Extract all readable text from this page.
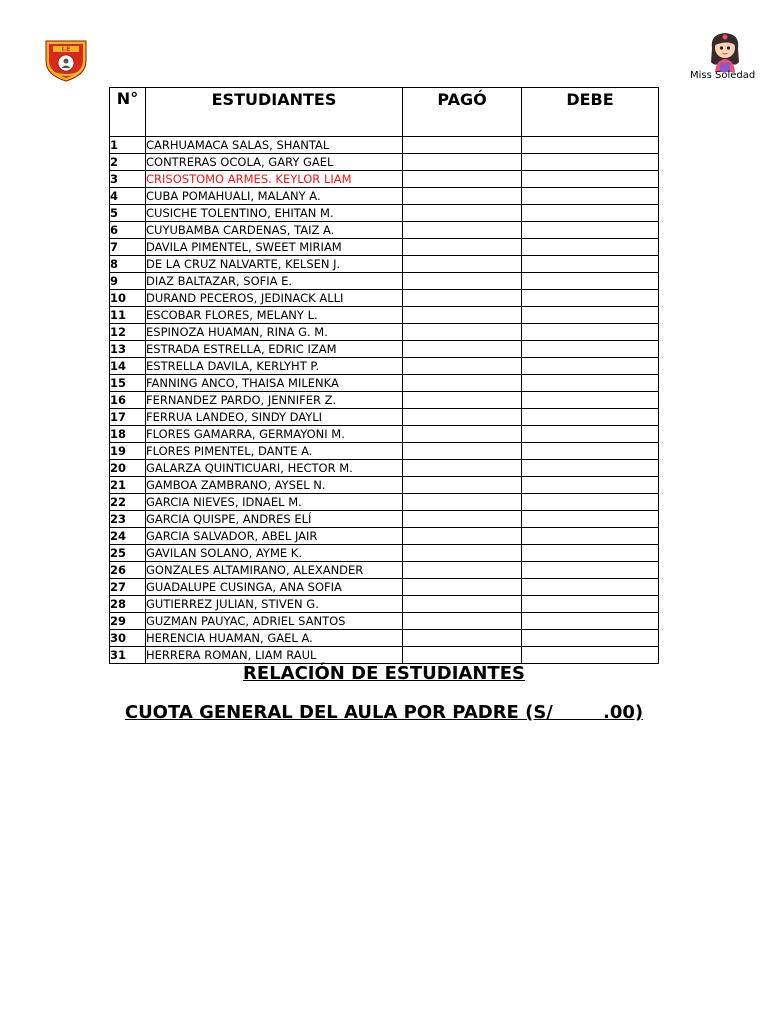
I.E
Miss Soledad
N°	ESTUDIANTES	PAGÓ	DEBE
1	CARHUAMACA SALAS, SHANTAL		
2	CONTRERAS OCOLA, GARY GAEL		
3	CRISOSTOMO ARMES. KEYLOR LIAM		
4	CUBA POMAHUALI, MALANY A.		
5	CUSICHE TOLENTINO, EHITAN M.		
6	CUYUBAMBA CARDENAS, TAIZ A.		
7	DAVILA PIMENTEL, SWEET MIRIAM		
8	DE LA CRUZ NALVARTE, KELSEN J.		
9	DIAZ BALTAZAR, SOFIA E.		
10	DURAND PECEROS, JEDINACK ALLI		
11	ESCOBAR FLORES, MELANY L.		
12	ESPINOZA HUAMAN, RINA G. M.		
13	ESTRADA ESTRELLA, EDRIC IZAM		
14	ESTRELLA DAVILA, KERLYHT P.		
15	FANNING ANCO, THAISA MILENKA		
16	FERNANDEZ PARDO, JENNIFER Z.		
17	FERRUA LANDEO, SINDY DAYLI		
18	FLORES GAMARRA, GERMAYONI M.		
19	FLORES PIMENTEL, DANTE A.		
20	GALARZA QUINTICUARI, HECTOR M.		
21	GAMBOA ZAMBRANO, AYSEL N.		
22	GARCIA NIEVES, IDNAEL M.		
23	GARCIA QUISPE, ANDRES ELÍ		
24	GARCIA SALVADOR, ABEL JAIR		
25	GAVILAN SOLANO, AYME K.		
26	GONZALES ALTAMIRANO, ALEXANDER		
27	GUADALUPE CUSINGA, ANA SOFIA		
28	GUTIERREZ JULIAN, STIVEN G.		
29	GUZMAN PAUYAC, ADRIEL SANTOS		
30	HERENCIA HUAMAN, GAEL A.		
31	HERRERA ROMAN, LIAM RAUL		
RELACIÓN DE ESTUDIANTES
CUOTA GENERAL DEL AULA POR PADRE (S/        .00)
